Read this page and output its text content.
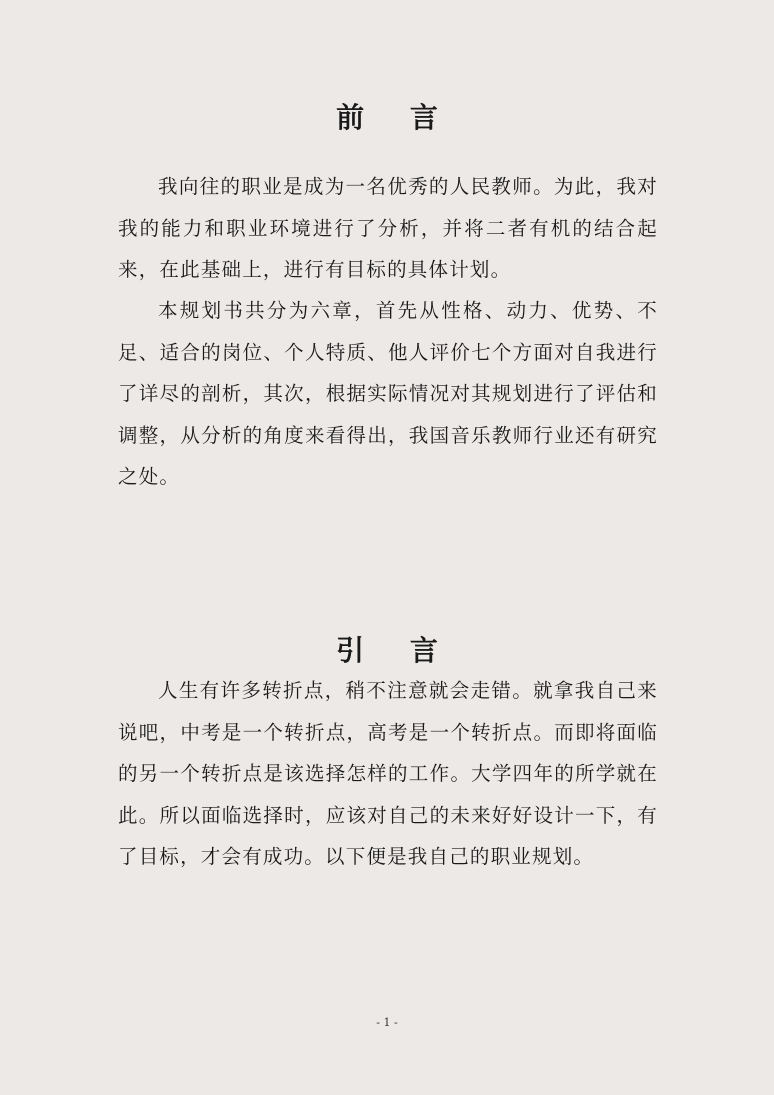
前 言

我向往的职业是成为一名优秀的人民教师。为此，我对我的能力和职业环境进行了分析，并将二者有机的结合起来，在此基础上，进行有目标的具体计划。

本规划书共分为六章，首先从性格、动力、优势、不足、适合的岗位、个人特质、他人评价七个方面对自我进行了详尽的剖析，其次，根据实际情况对其规划进行了评估和调整，从分析的角度来看得出，我国音乐教师行业还有研究之处。

引 言

人生有许多转折点，稍不注意就会走错。就拿我自己来说吧，中考是一个转折点，高考是一个转折点。而即将面临的另一个转折点是该选择怎样的工作。大学四年的所学就在此。所以面临选择时，应该对自己的未来好好设计一下，有了目标，才会有成功。以下便是我自己的职业规划。

- 1 -
